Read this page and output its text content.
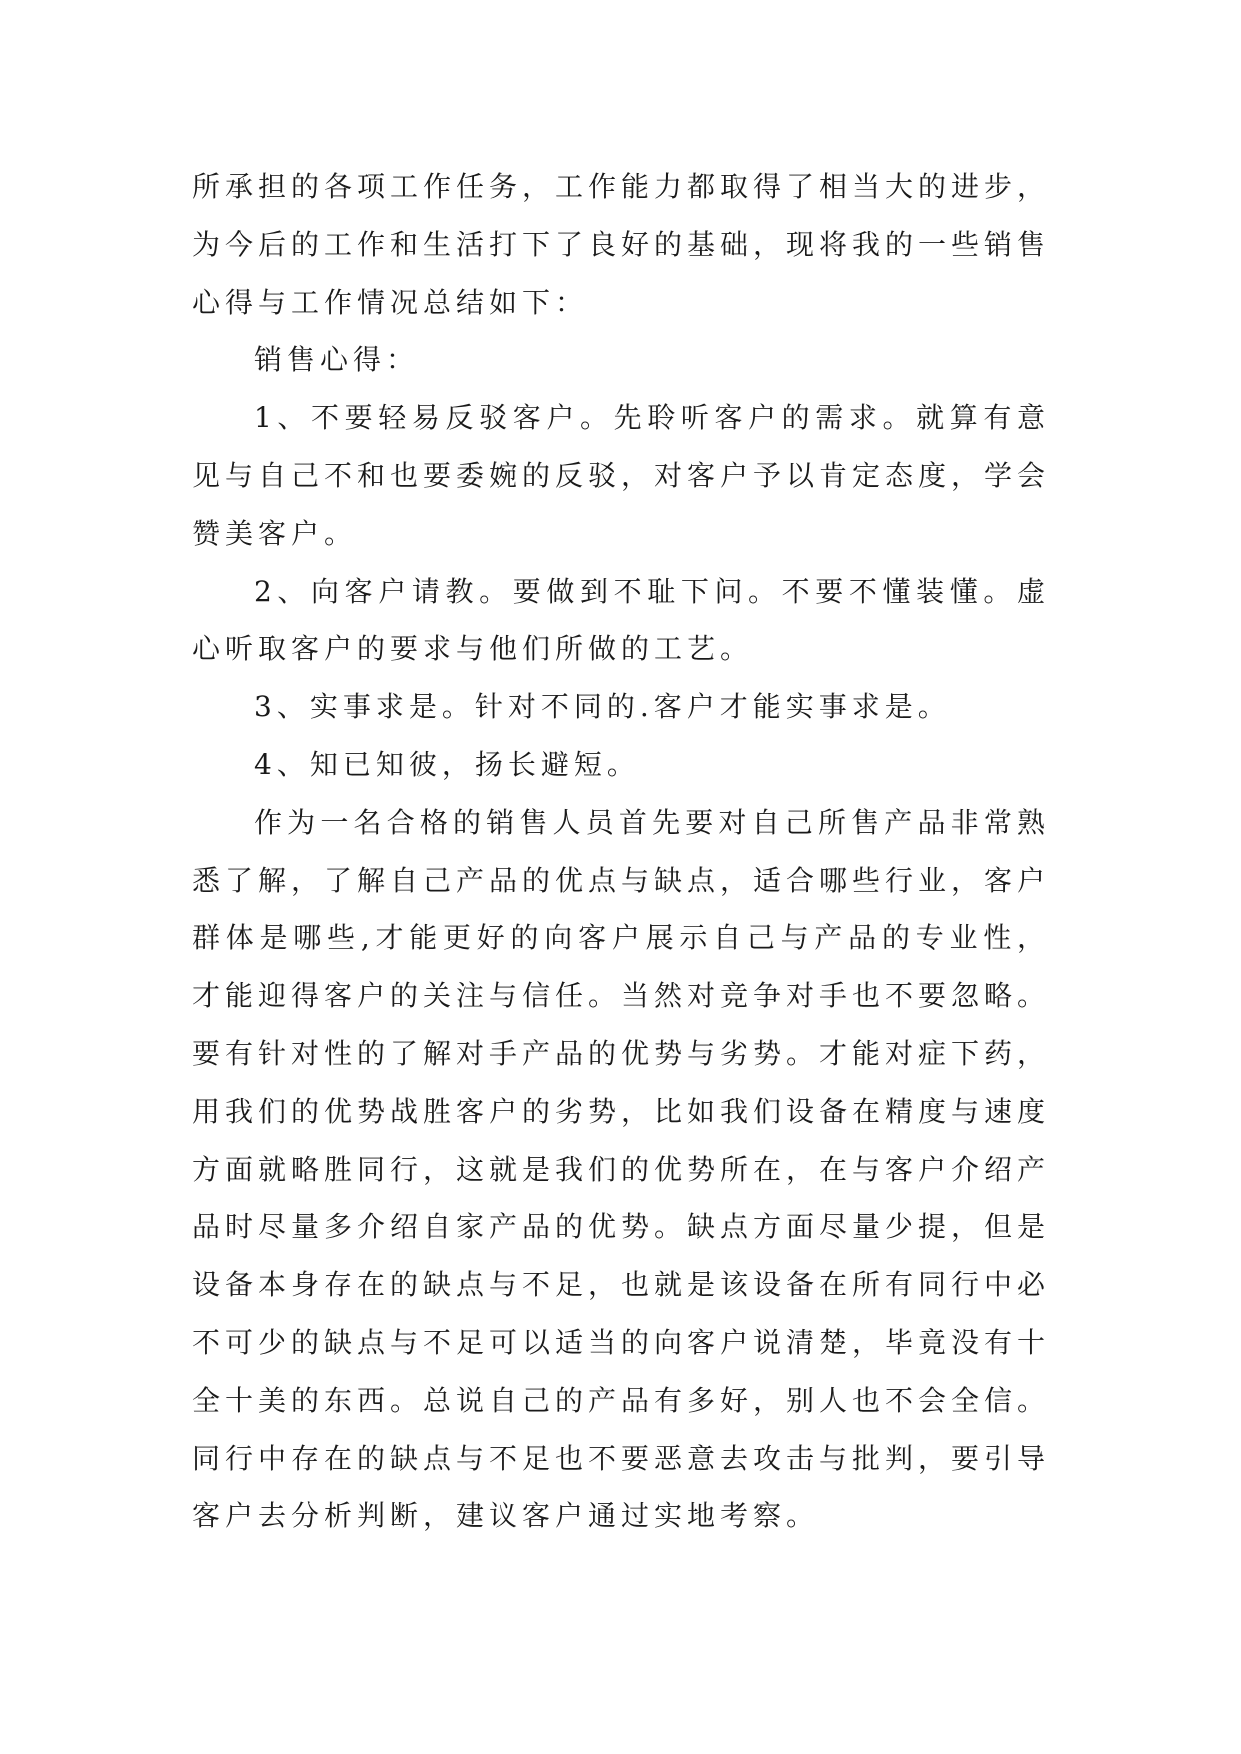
所承担的各项工作任务，工作能力都取得了相当大的进步，为今后的工作和生活打下了良好的基础，现将我的一些销售心得与工作情况总结如下：

销售心得：

1、不要轻易反驳客户。先聆听客户的需求。就算有意见与自己不和也要委婉的反驳，对客户予以肯定态度，学会赞美客户。

2、向客户请教。要做到不耻下问。不要不懂装懂。虚心听取客户的要求与他们所做的工艺。

3、实事求是。针对不同的.客户才能实事求是。

4、知已知彼，扬长避短。

作为一名合格的销售人员首先要对自己所售产品非常熟悉了解，了解自己产品的优点与缺点，适合哪些行业，客户群体是哪些,才能更好的向客户展示自己与产品的专业性，才能迎得客户的关注与信任。当然对竞争对手也不要忽略。要有针对性的了解对手产品的优势与劣势。才能对症下药，用我们的优势战胜客户的劣势，比如我们设备在精度与速度方面就略胜同行，这就是我们的优势所在，在与客户介绍产品时尽量多介绍自家产品的优势。缺点方面尽量少提，但是设备本身存在的缺点与不足，也就是该设备在所有同行中必不可少的缺点与不足可以适当的向客户说清楚，毕竟没有十全十美的东西。总说自己的产品有多好，别人也不会全信。同行中存在的缺点与不足也不要恶意去攻击与批判，要引导客户去分析判断，建议客户通过实地考察。
